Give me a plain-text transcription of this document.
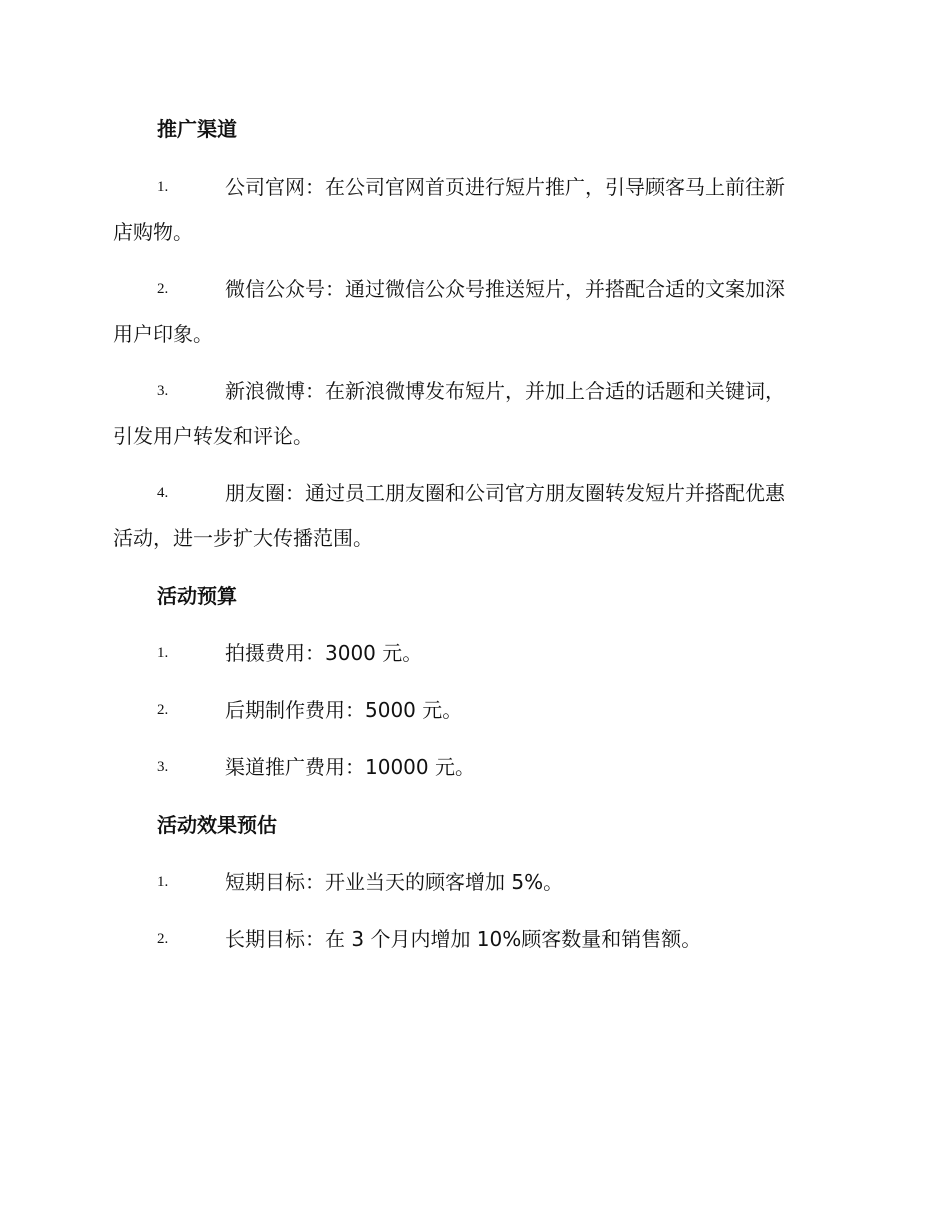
推广渠道
1.	公司官网：在公司官网首页进行短片推广，引导顾客马上前往新
店购物。
2.	微信公众号：通过微信公众号推送短片，并搭配合适的文案加深
用户印象。
3.	新浪微博：在新浪微博发布短片，并加上合适的话题和关键词，
引发用户转发和评论。
4.	朋友圈：通过员工朋友圈和公司官方朋友圈转发短片并搭配优惠
活动，进一步扩大传播范围。
活动预算
1.	拍摄费用：3000 元。
2.	后期制作费用：5000 元。
3.	渠道推广费用：10000 元。
活动效果预估
1.	短期目标：开业当天的顾客增加 5%。
2.	长期目标：在 3 个月内增加 10%顾客数量和销售额。
